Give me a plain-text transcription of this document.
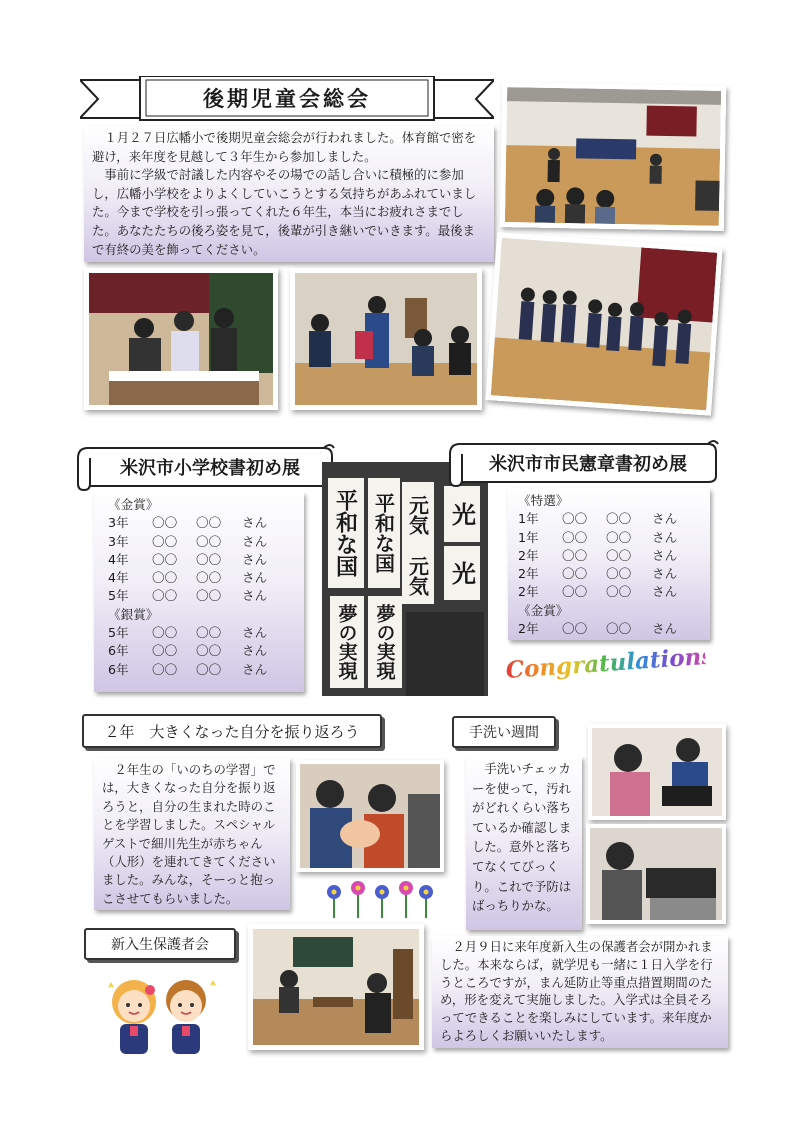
後期児童会総会
　１月２７日広幡小で後期児童会総会が行われました。体育館で密を避け，来年度を見越して３年生から参加しました。
　事前に学級で討議した内容やその場での話し合いに積極的に参加し，広幡小学校をよりよくしていこうとする気持ちがあふれていました。今まで学校を引っ張ってくれた６年生，本当にお疲れさまでした。あなたたちの後ろ姿を見て，後輩が引き継いでいきます。最後まで有終の美を飾ってください。
米沢市小学校書初め展
《金賞》
3年	〇〇	〇〇	さん
3年	〇〇	〇〇	さん
4年	〇〇	〇〇	さん
4年	〇〇	〇〇	さん
5年	〇〇	〇〇	さん
《銀賞》
5年	〇〇	〇〇	さん
6年	〇〇	〇〇	さん
6年	〇〇	〇〇	さん
平和な国 平和な国 元気
元気
光
光
夢の実現 夢の実現
米沢市市民憲章書初め展
《特選》
1年	〇〇	〇〇	さん
1年	〇〇	〇〇	さん
2年	〇〇	〇〇	さん
2年	〇〇	〇〇	さん
2年	〇〇	〇〇	さん
《金賞》
2年	〇〇	〇〇	さん
Congratulations!
２年　大きくなった自分を振り返ろう
　２年生の「いのちの学習」では，大きくなった自分を振り返ろうと，自分の生まれた時のことを学習しました。スペシャルゲストで細川先生が赤ちゃん（人形）を連れてきてくださいました。みんな，そーっと抱っこさせてもらいました。
手洗い週間
　手洗いチェッカーを使って，汚れがどれくらい落ちているか確認しました。意外と落ちてなくてびっくり。これで予防はばっちりかな。
新入生保護者会	　２月９日に来年度新入生の保護者会が開かれました。本来ならば，就学児も一緒に１日入学を行うところですが，まん延防止等重点措置期間のため，形を変えて実施しました。入学式は全員そろってできることを楽しみにしています。来年度からよろしくお願いいたします。
